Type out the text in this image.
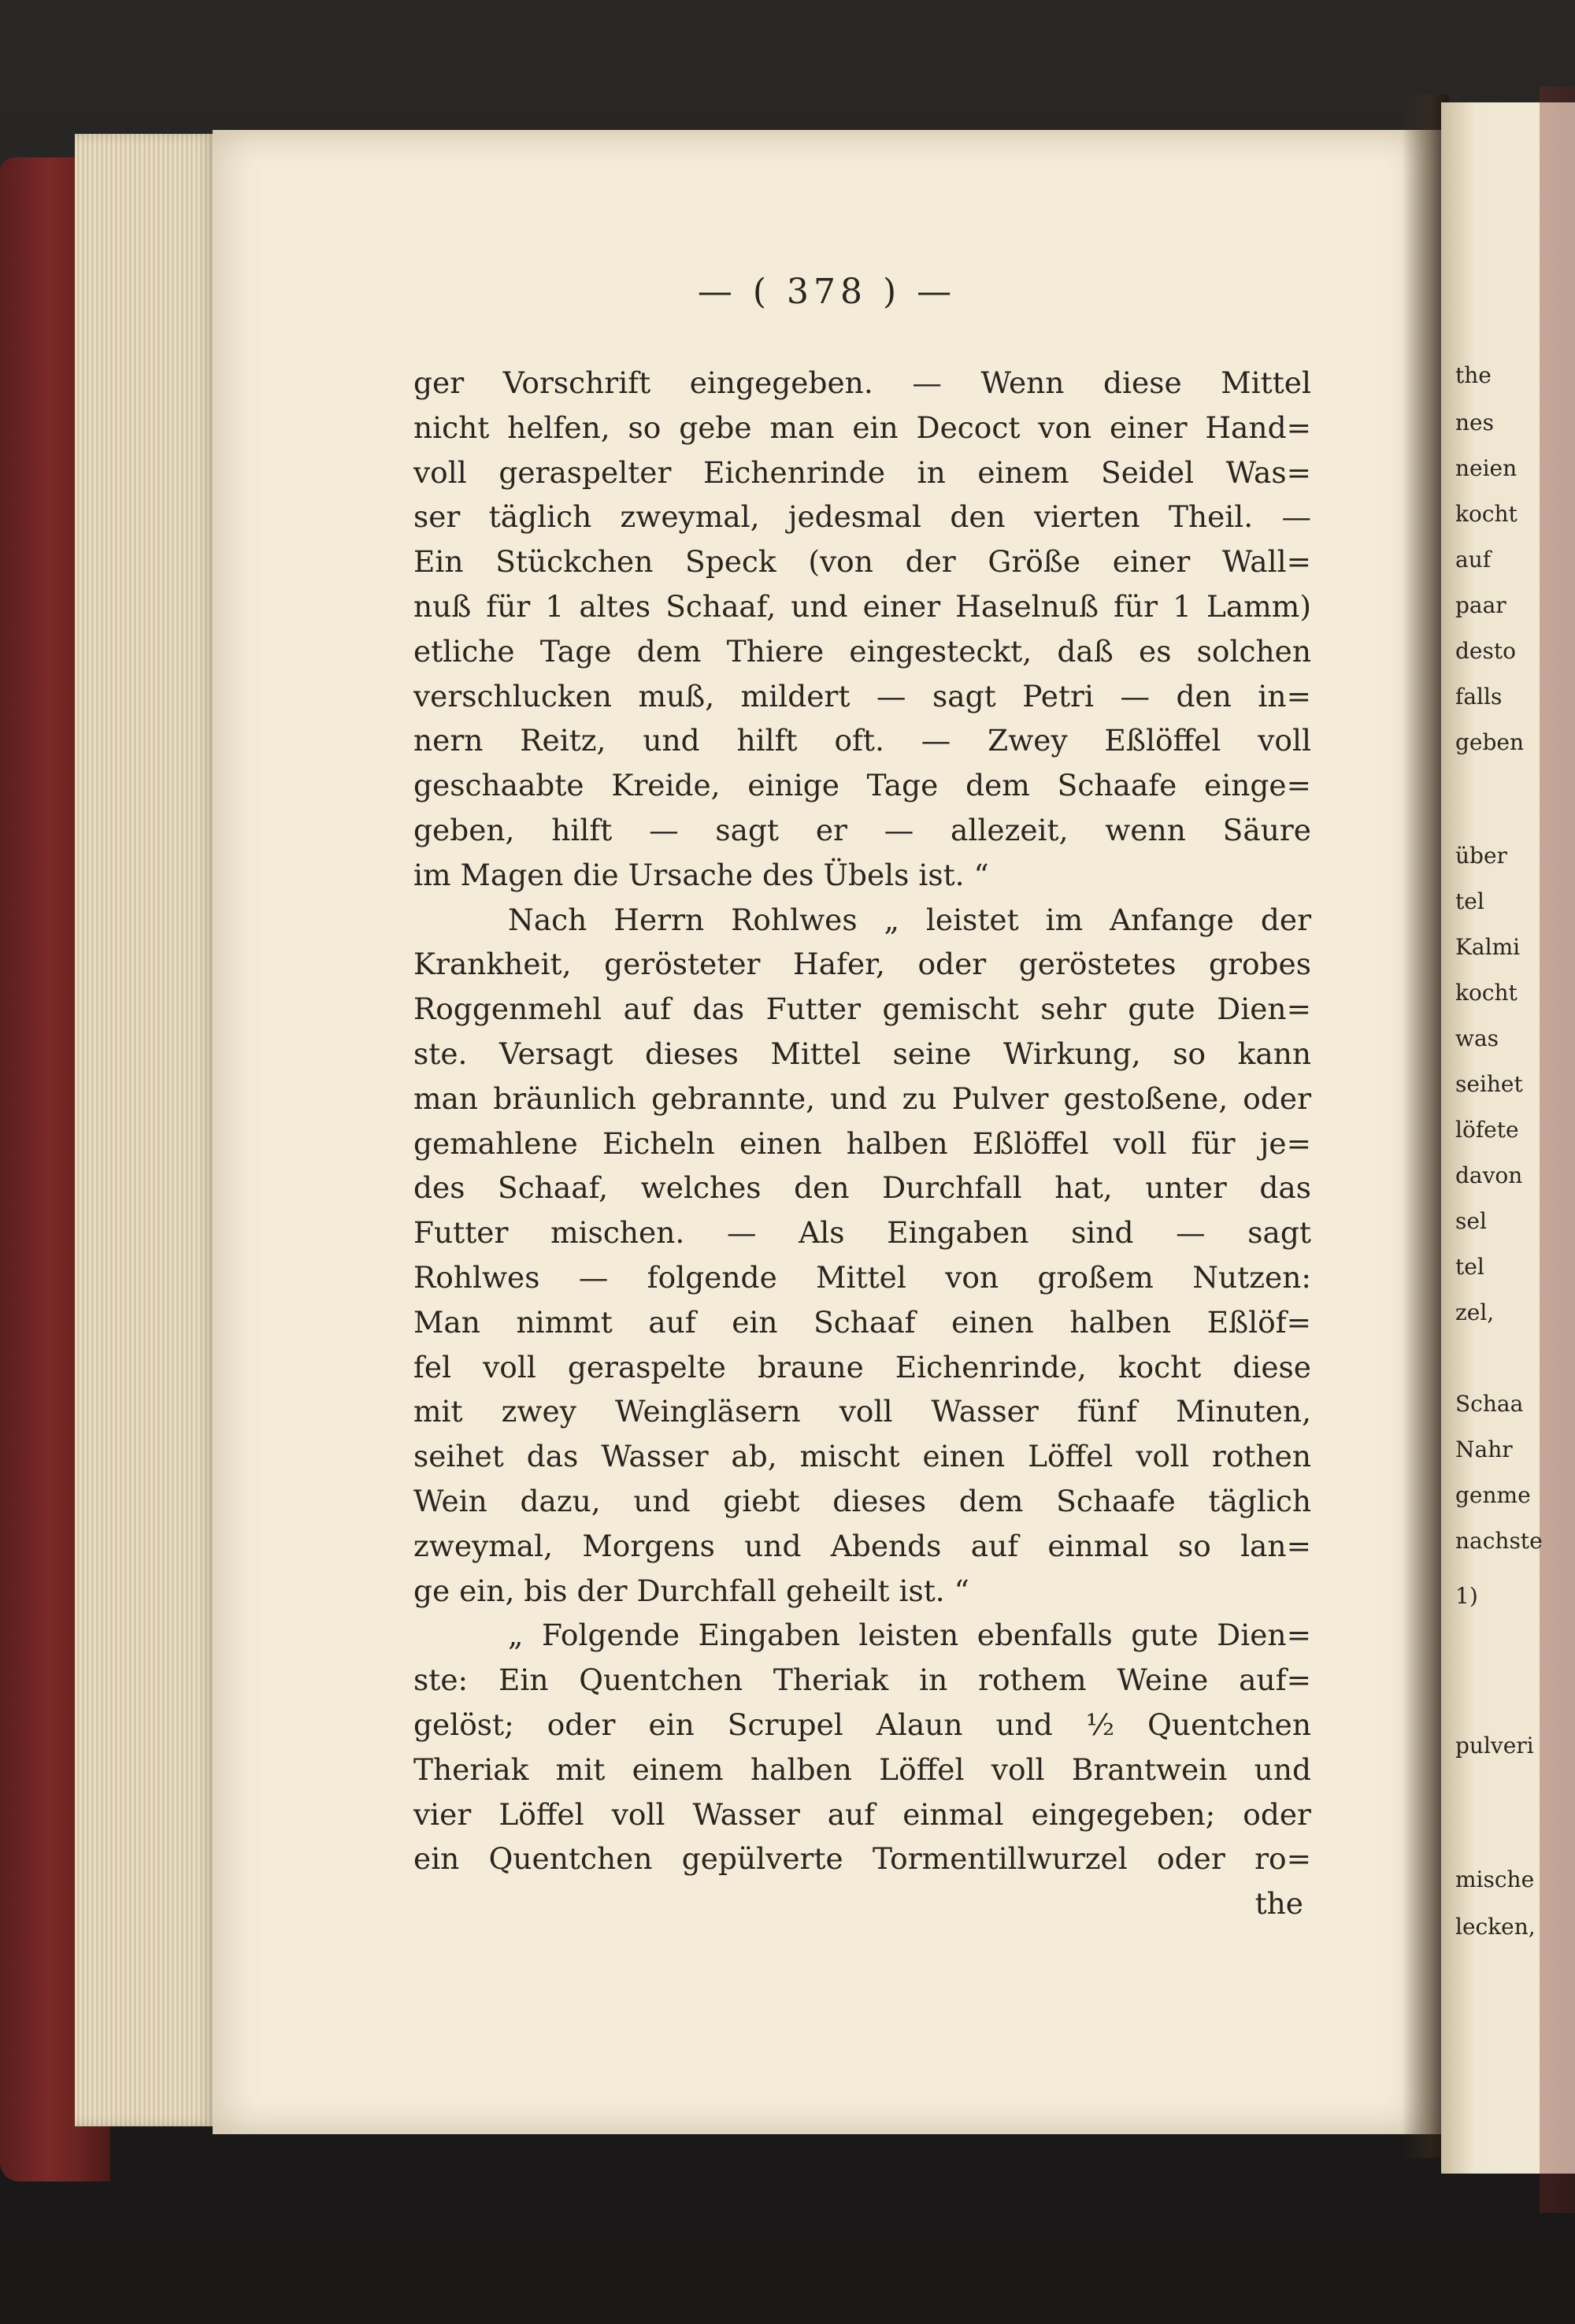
— ( 378 ) —
ger Vorschrift eingegeben. — Wenn diese Mittel
nicht helfen, so gebe man ein Decoct von einer Hand=
voll geraspelter Eichenrinde in einem Seidel Was=
ser täglich zweymal, jedesmal den vierten Theil. —
Ein Stückchen Speck (von der Größe einer Wall=
nuß für 1 altes Schaaf, und einer Haselnuß für 1 Lamm)
etliche Tage dem Thiere eingesteckt, daß es solchen
verschlucken muß, mildert — sagt Petri — den in=
nern Reitz, und hilft oft. — Zwey Eßlöffel voll
geschaabte Kreide, einige Tage dem Schaafe einge=
geben, hilft — sagt er — allezeit, wenn Säure
im Magen die Ursache des Übels ist. “
Nach Herrn Rohlwes „ leistet im Anfange der
Krankheit, gerösteter Hafer, oder geröstetes grobes
Roggenmehl auf das Futter gemischt sehr gute Dien=
ste. Versagt dieses Mittel seine Wirkung, so kann
man bräunlich gebrannte, und zu Pulver gestoßene, oder
gemahlene Eicheln einen halben Eßlöffel voll für je=
des Schaaf, welches den Durchfall hat, unter das
Futter mischen. — Als Eingaben sind — sagt
Rohlwes — folgende Mittel von großem Nutzen:
Man nimmt auf ein Schaaf einen halben Eßlöf=
fel voll geraspelte braune Eichenrinde, kocht diese
mit zwey Weingläsern voll Wasser fünf Minuten,
seihet das Wasser ab, mischt einen Löffel voll rothen
Wein dazu, und giebt dieses dem Schaafe täglich
zweymal, Morgens und Abends auf einmal so lan=
ge ein, bis der Durchfall geheilt ist. “
„ Folgende Eingaben leisten ebenfalls gute Dien=
ste: Ein Quentchen Theriak in rothem Weine auf=
gelöst; oder ein Scrupel Alaun und ½ Quentchen
Theriak mit einem halben Löffel voll Brantwein und
vier Löffel voll Wasser auf einmal eingegeben; oder
ein Quentchen gepülverte Tormentillwurzel oder ro=
the
the
nes
neien
kocht
auf
paar
desto
falls
geben
über
tel
Kalmi
kocht
was
seihet
löfete
davon
sel
tel
zel,
Schaa
Nahr
genme
nachste
1)
pulveri
mische
lecken,
